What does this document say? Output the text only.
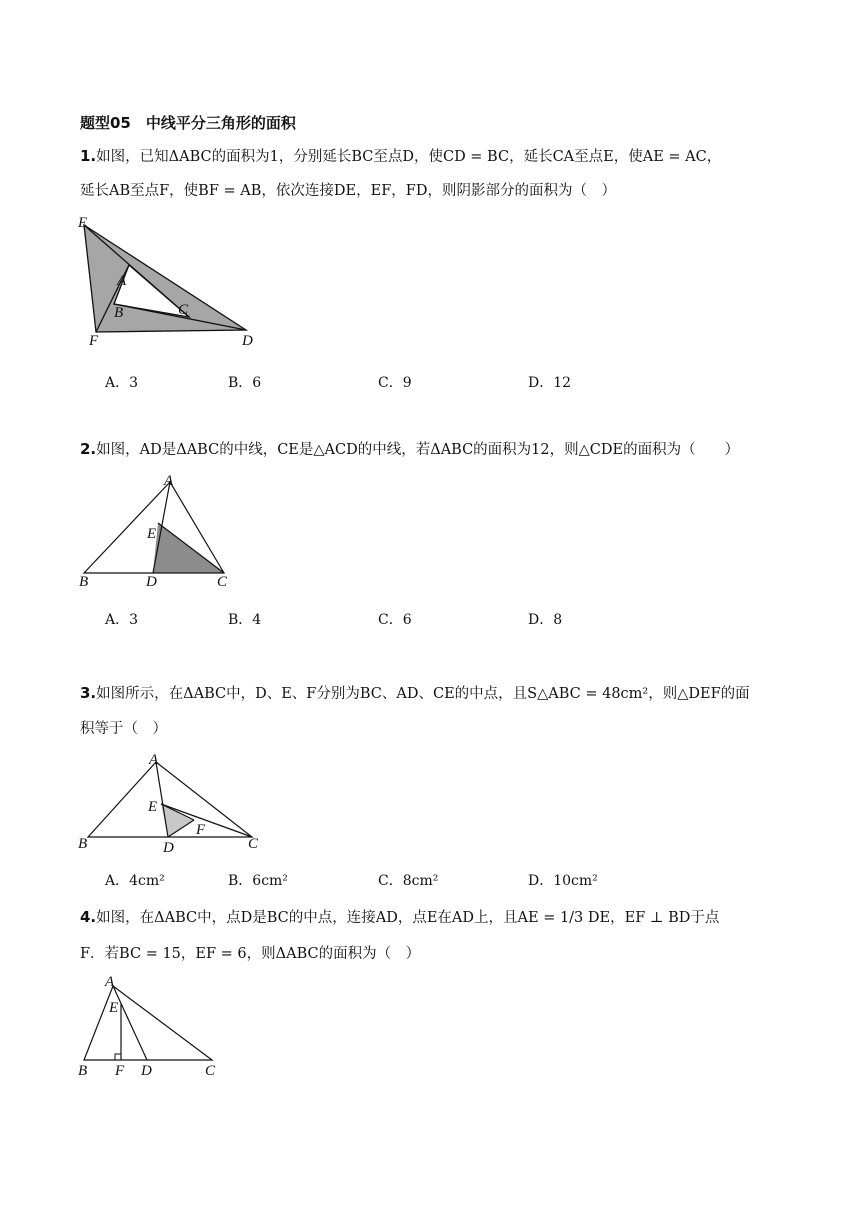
题型05　中线平分三角形的面积
1.如图，已知ΔABC的面积为1，分别延长BC至点D，使CD = BC，延长CA至点E，使AE = AC，
延长AB至点F，使BF = AB，依次连接DE，EF，FD，则阴影部分的面积为（　）
E
A
B	C
F	D
A．3	B．6	C．9	D．12
2.如图，AD是ΔABC的中线，CE是△ACD的中线，若ΔABC的面积为12，则△CDE的面积为（　　）
A
E
B	D	C
A．3	B．4	C．6	D．8
3.如图所示，在ΔABC中，D、E、F分别为BC、AD、CE的中点，且S△ABC = 48cm²，则△DEF的面
积等于（　）
A
E
F
B	D	C
A．4cm²	B．6cm²	C．8cm²	D．10cm²
4.如图，在ΔABC中，点D是BC的中点，连接AD，点E在AD上，且AE = 1/3 DE，EF ⊥ BD于点
F．若BC = 15，EF = 6，则ΔABC的面积为（　）
A
E
B F D	C
